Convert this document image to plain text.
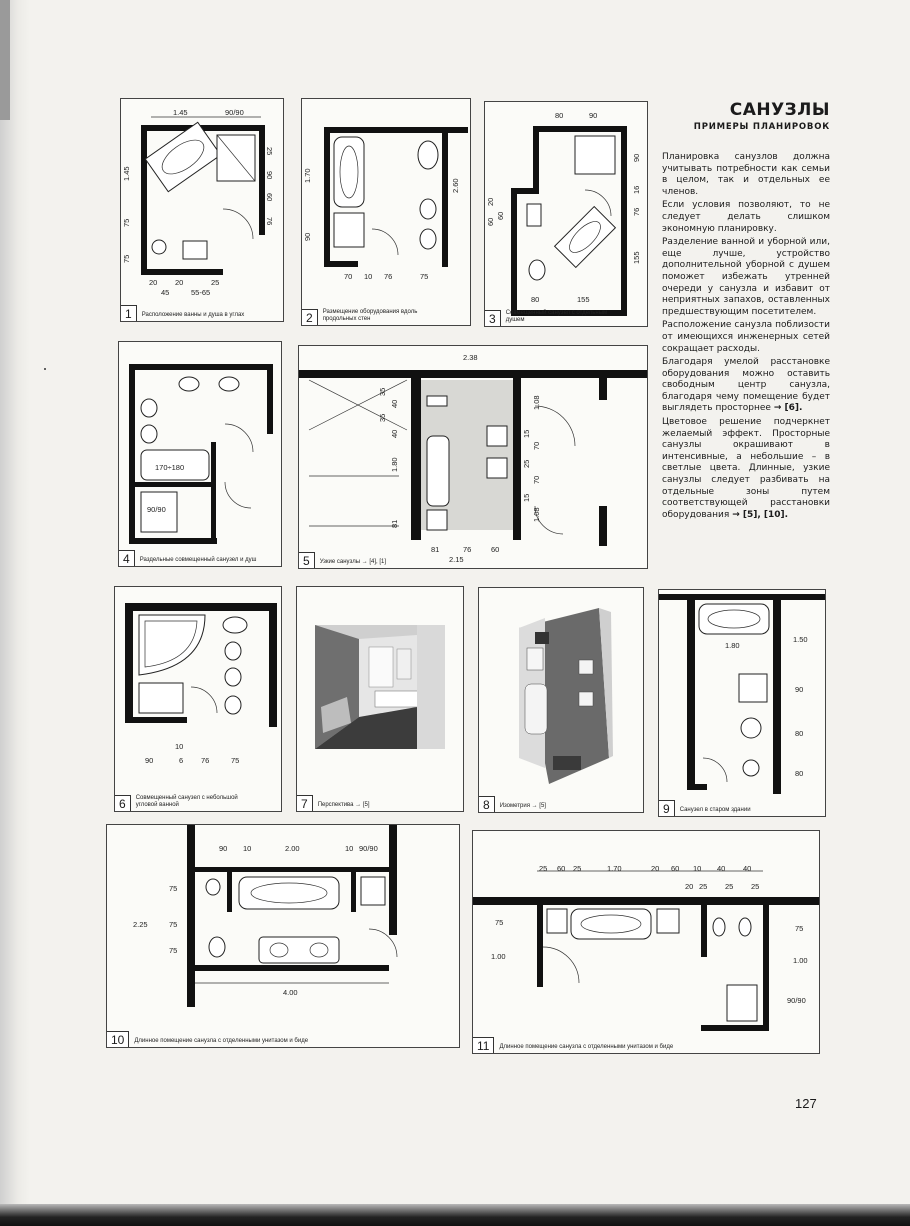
1.45	90/90
1.45
75
75
25
90
60
76
20 20	25
45	55-65
1	Расположение ванны и душа в углах
1.70
90
2.60
70 10 76	75
2	Размещение оборудования вдоль продольных стен
80	90
90
16
76
20
60
60
155
80	155
3	Совмещенный санузел с отдельным душем
170÷180
90/90
4	Раздельные совмещенный санузел и душ
2.38
35
40
35
40
1.80
81
1.08
15
70
25
70
15
1.08
81	76	60
2.15
5	Узкие санузлы → [4], [1]
10
90	6 76	75
6	Совмещенный санузел с небольшой угловой ванной	7	Перспектива → [5]	8	Изометрия → [5]
1.80
1.50
90
80
80
9	Санузел в старом здании
90 10	2.00	10 90/90
2.25
75
75
75
4.00
10	Длинное помещение санузла с отделенными унитазом и биде
25 60 25	1.70	20 60 10 40 40
20 25 25 25
75
1.00
75
1.00
90/90
11	Длинное помещение санузла с отделенными унитазом и биде
САНУЗЛЫ
ПРИМЕРЫ ПЛАНИРОВОК

Планировка санузлов должна учитывать потребности как семьи в целом, так и отдельных ее членов.

Если условия позволяют, то не следует делать слишком экономную планировку.

Разделение ванной и уборной или, еще лучше, устройство дополнительной уборной с душем поможет избежать утренней очереди у санузла и избавит от неприятных запахов, оставленных предшествующим посетителем.

Расположение санузла поблизости от имеющихся инженерных сетей сокращает расходы.

Благодаря умелой расстановке оборудования можно оставить свободным центр санузла, благодаря чему помещение будет выглядеть просторнее → [6].

Цветовое решение подчеркнет желаемый эффект. Просторные санузлы окрашивают в интенсивные, а небольшие – в светлые цвета. Длинные, узкие санузлы следует разбивать на отдельные зоны путем соответствующей расстановки оборудования → [5], [10].

127
